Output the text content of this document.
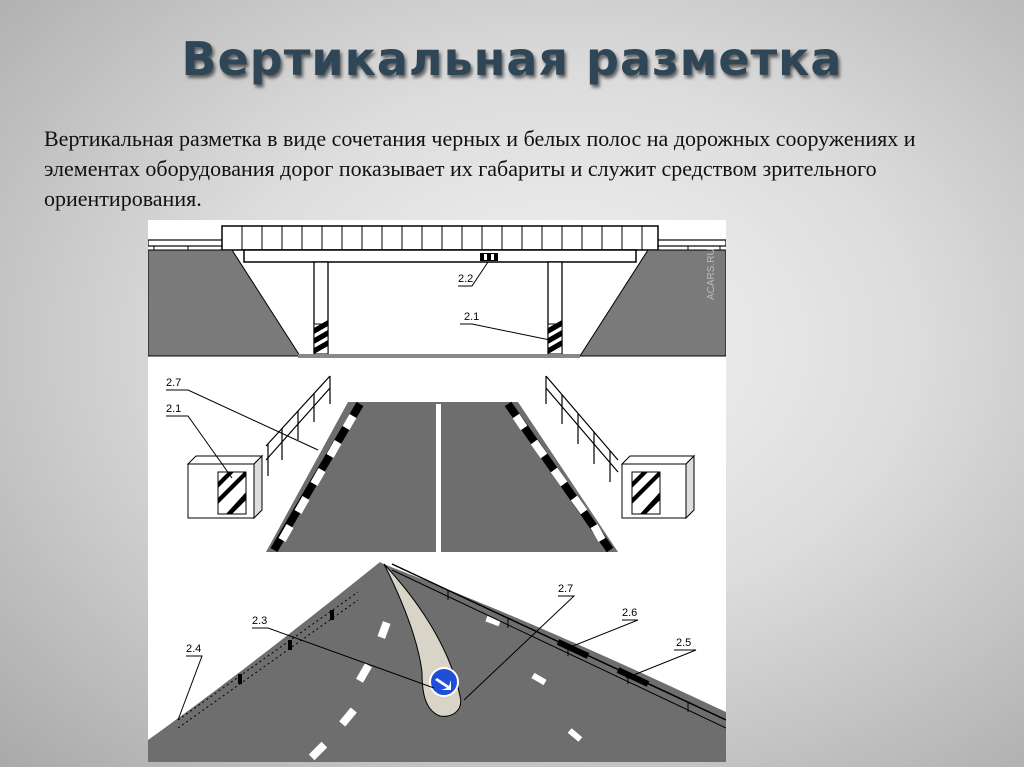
Вертикальная разметка
Вертикальная разметка в виде сочетания черных и белых полос на дорожных сооружениях и элементах оборудования дорог показывает их габариты и служит средством зрительного ориентирования.
2.2
2.1
ACARS.RU
2.7
2.1
2.7
2.6
2.5
2.3
2.4
